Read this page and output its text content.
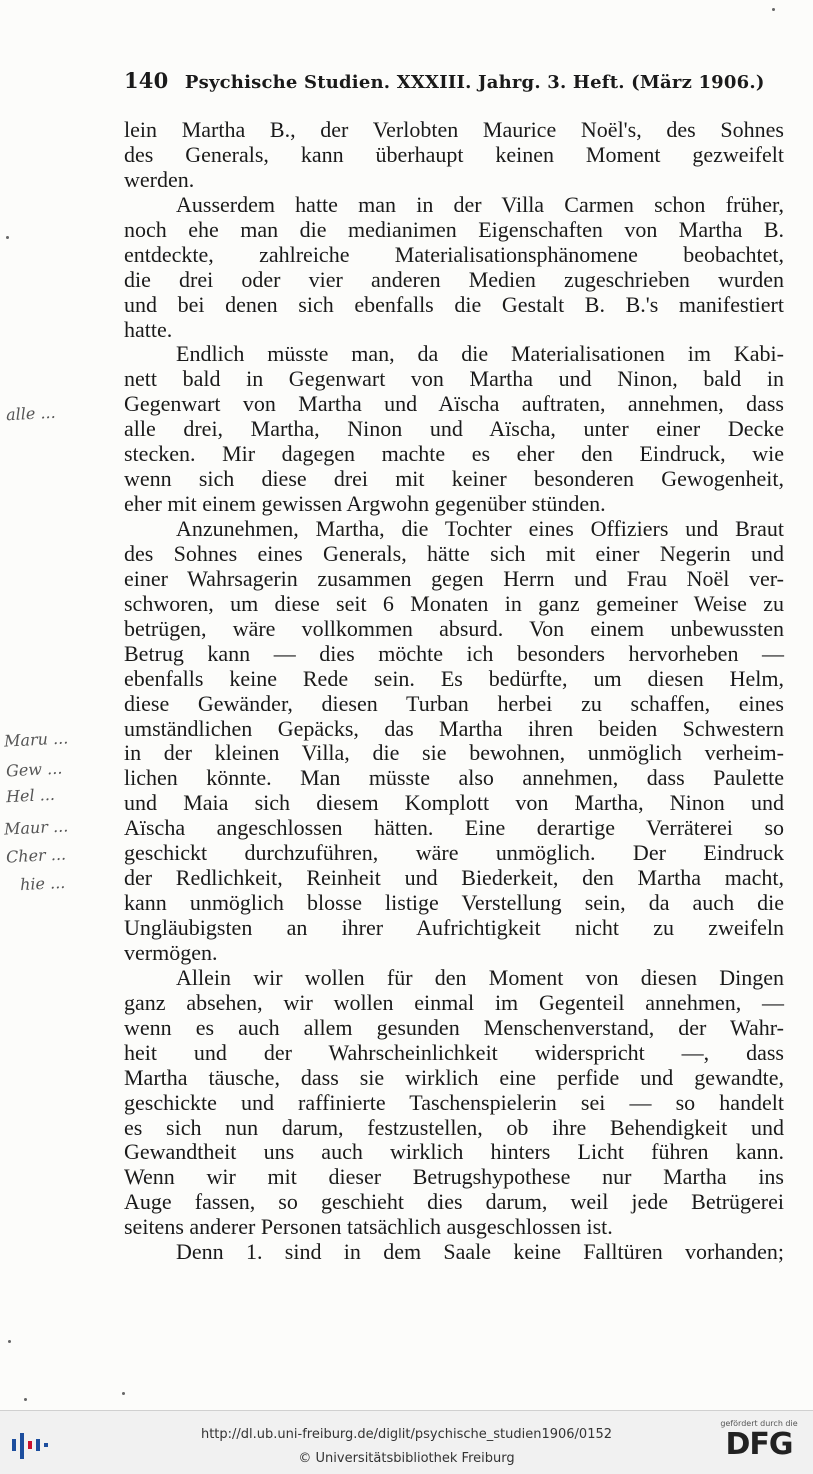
140 Psychische Studien. XXXIII. Jahrg. 3. Heft. (März 1906.)
lein Martha B., der Verlobten Maurice Noël's, des Sohnes
des Generals, kann überhaupt keinen Moment gezweifelt
werden.
Ausserdem hatte man in der Villa Carmen schon früher,
noch ehe man die medianimen Eigenschaften von Martha B.
entdeckte, zahlreiche Materialisationsphänomene beobachtet,
die drei oder vier anderen Medien zugeschrieben wurden
und bei denen sich ebenfalls die Gestalt B. B.'s manifestiert
hatte.
Endlich müsste man, da die Materialisationen im Kabi-
nett bald in Gegenwart von Martha und Ninon, bald in
Gegenwart von Martha und Aïscha auftraten, annehmen, dass
alle drei, Martha, Ninon und Aïscha, unter einer Decke
stecken. Mir dagegen machte es eher den Eindruck, wie
wenn sich diese drei mit keiner besonderen Gewogenheit,
eher mit einem gewissen Argwohn gegenüber stünden.
Anzunehmen, Martha, die Tochter eines Offiziers und Braut
des Sohnes eines Generals, hätte sich mit einer Negerin und
einer Wahrsagerin zusammen gegen Herrn und Frau Noël ver-
schworen, um diese seit 6 Monaten in ganz gemeiner Weise zu
betrügen, wäre vollkommen absurd. Von einem unbewussten
Betrug kann — dies möchte ich besonders hervorheben —
ebenfalls keine Rede sein. Es bedürfte, um diesen Helm,
diese Gewänder, diesen Turban herbei zu schaffen, eines
umständlichen Gepäcks, das Martha ihren beiden Schwestern
in der kleinen Villa, die sie bewohnen, unmöglich verheim-
lichen könnte. Man müsste also annehmen, dass Paulette
und Maia sich diesem Komplott von Martha, Ninon und
Aïscha angeschlossen hätten. Eine derartige Verräterei so
geschickt durchzuführen, wäre unmöglich. Der Eindruck
der Redlichkeit, Reinheit und Biederkeit, den Martha macht,
kann unmöglich blosse listige Verstellung sein, da auch die
Ungläubigsten an ihrer Aufrichtigkeit nicht zu zweifeln
vermögen.
Allein wir wollen für den Moment von diesen Dingen
ganz absehen, wir wollen einmal im Gegenteil annehmen, —
wenn es auch allem gesunden Menschenverstand, der Wahr-
heit und der Wahrscheinlichkeit widerspricht —, dass
Martha täusche, dass sie wirklich eine perfide und gewandte,
geschickte und raffinierte Taschenspielerin sei — so handelt
es sich nun darum, festzustellen, ob ihre Behendigkeit und
Gewandtheit uns auch wirklich hinters Licht führen kann.
Wenn wir mit dieser Betrugshypothese nur Martha ins
Auge fassen, so geschieht dies darum, weil jede Betrügerei
seitens anderer Personen tatsächlich ausgeschlossen ist.
Denn 1. sind in dem Saale keine Falltüren vorhanden;
alle ...
Maru ...
Gew ...
Hel ...
Maur ...
Cher ...
hie ...
http://dl.ub.uni-freiburg.de/diglit/psychische_studien1906/0152
© Universitätsbibliothek Freiburg
gefördert durch die
DFG
